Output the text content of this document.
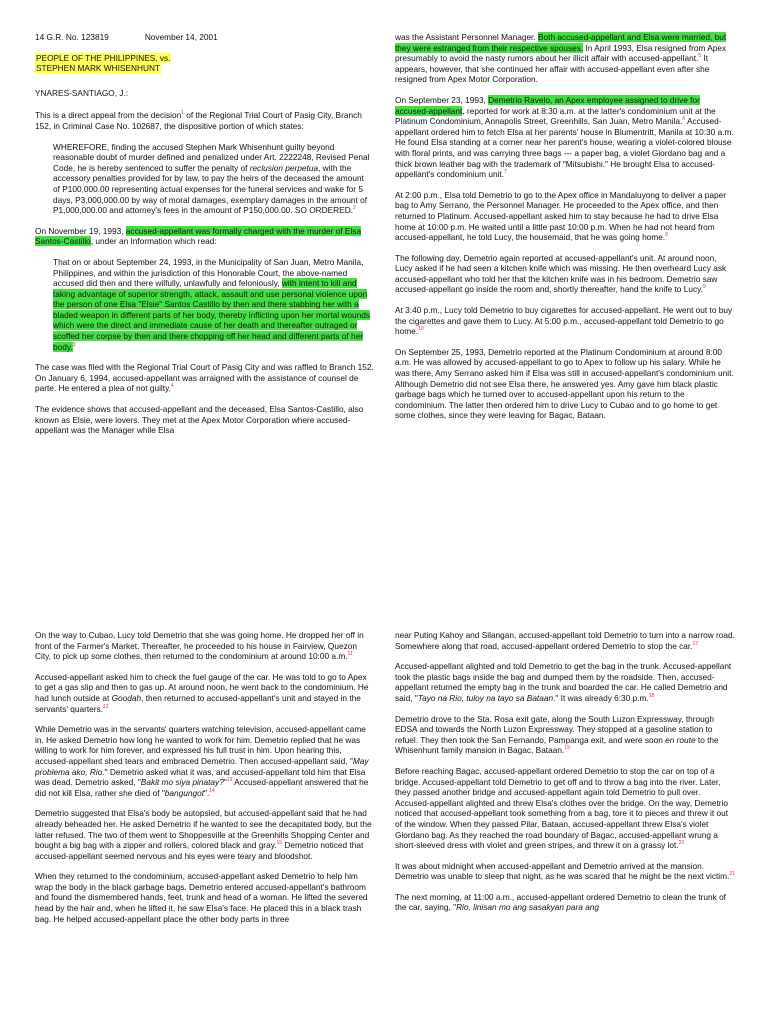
14 G.R. No. 123819	November 14, 2001

PEOPLE OF THE PHILIPPINES, vs.
STEPHEN MARK WHISENHUNT

YNARES-SANTIAGO, J.:

This is a direct appeal from the decision$^1$ of the Regional Trial Court of Pasig City, Branch 152, in Criminal Case No. 102687, the dispositive portion of which states:

WHEREFORE, finding the accused Stephen Mark Whisenhunt guilty beyond reasonable doubt of murder defined and penalized under Art. 2222248, Revised Penal Code, he is hereby sentenced to suffer the penalty of reclusion perpetua, with the accessory penalties provided for by law, to pay the heirs of the deceased the amount of P100,000.00 representing actual expenses for the funeral services and wake for 5 days, P3,000,000.00 by way of moral damages, exemplary damages in the amount of P1,000,000.00 and attorney's fees in the amount of P150,000.00. SO ORDERED.$^2$

On November 19, 1993, accused-appellant was formally charged with the murder of Elsa Santos-Castillo, under an Information which read:

That on or about September 24, 1993, in the Municipality of San Juan, Metro Manila, Philippines, and within the jurisdiction of this Honorable Court, the above-named accused did then and there wilfully, unlawfully and feloniously, with intent to kill and taking advantage of superior strength, attack, assault and use personal violence upon the person of one Elsa "Elsie" Santos Castillo by then and there stabbing her with a bladed weapon in different parts of her body, thereby inflicting upon her mortal wounds which were the direct and immediate cause of her death and thereafter outraged or scoffed her corpse by then and there chopping off her head and different parts of her body.$^3$

The case was filed with the Regional Trial Court of Pasig City and was raffled to Branch 152. On January 6, 1994, accused-appellant was arraigned with the assistance of counsel de parte. He entered a plea of not guilty.$^4$

The evidence shows that accused-appellant and the deceased, Elsa Santos-Castillo, also known as Elsie, were lovers. They met at the Apex Motor Corporation where accused-appellant was the Manager while Elsa

was the Assistant Personnel Manager. Both accused-appellant and Elsa were married, but they were estranged from their respective spouses. In April 1993, Elsa resigned from Apex presumably to avoid the nasty rumors about her illicit affair with accused-appellant.$^5$ It appears, however, that she continued her affair with accused-appellant even after she resigned from Apex Motor Corporation.

On September 23, 1993, Demetrio Ravelo, an Apex employee assigned to drive for accused-appellant, reported for work at 8:30 a.m. at the latter's condominium unit at the Platinum Condominium, Annapolis Street, Greenhills, San Juan, Metro Manila.$^6$ Accused-appellant ordered him to fetch Elsa at her parents' house in Blumentritt, Manila at 10:30 a.m. He found Elsa standing at a corner near her parent's house, wearing a violet-colored blouse with floral prints, and was carrying three bags --- a paper bag, a violet Giordano bag and a thick brown leather bag with the trademark of "Mitsubishi." He brought Elsa to accused-appellant's condominium unit.$^7$

At 2:00 p.m., Elsa told Demetrio to go to the Apex office in Mandaluyong to deliver a paper bag to Amy Serrano, the Personnel Manager. He proceeded to the Apex office, and then returned to Platinum. Accused-appellant asked him to stay because he had to drive Elsa home at 10:00 p.m. He waited until a little past 10:00 p.m. When he had not heard from accused-appellant, he told Lucy, the housemaid, that he was going home.$^8$

The following day, Demetrio again reported at accused-appellant's unit. At around noon, Lucy asked if he had seen a kitchen knife which was missing. He then overheard Lucy ask accused-appellant who told her that the kitchen knife was in his bedroom. Demetrio saw accused-appellant go inside the room and, shortly thereafter, hand the knife to Lucy.$^9$

At 3:40 p.m., Lucy told Demetrio to buy cigarettes for accused-appellant. He went out to buy the cigarettes and gave them to Lucy. At 5:00 p.m., accused-appellant told Demetrio to go home.$^{10}$

On September 25, 1993, Demetrio reported at the Platinum Condominium at around 8:00 a.m. He was allowed by accused-appellant to go to Apex to follow up his salary. While he was there, Amy Serrano asked him if Elsa was still in accused-appellant's condominium unit. Although Demetrio did not see Elsa there, he answered yes. Amy gave him black plastic garbage bags which he turned over to accused-appellant upon his return to the condominium. The latter then ordered him to drive Lucy to Cubao and to go home to get some clothes, since they were leaving for Bagac, Bataan.

On the way to Cubao, Lucy told Demetrio that she was going home. He dropped her off in front of the Farmer's Market. Thereafter, he proceeded to his house in Fairview, Quezon City, to pick up some clothes, then returned to the condominium at around 10:00 a.m.$^{11}$

Accused-appellant asked him to check the fuel gauge of the car. He was told to go to Apex to get a gas slip and then to gas up. At around noon, he went back to the condominium. He had lunch outside at Goodah, then returned to accused-appellant's unit and stayed in the servants' quarters.$^{12}$

While Demetrio was in the servants' quarters watching television, accused-appellant came in. He asked Demetrio how long he wanted to work for him. Demetrio replied that he was willing to work for him forever, and expressed his full trust in him. Upon hearing this, accused-appellant shed tears and embraced Demetrio. Then accused-appellant said, "May problema ako, Rio." Demetrio asked what it was, and accused-appellant told him that Elsa was dead. Demetrio asked, "Bakit mo siya pinatay?"$^{13}$ Accused-appellant answered that he did not kill Elsa, rather she died of "bangungot".$^{14}$

Demetrio suggested that Elsa's body be autopsied, but accused-appellant said that he had already beheaded her. He asked Demetrio if he wanted to see the decapitated body, but the latter refused. The two of them went to Shoppesville at the Greenhills Shopping Center and bought a big bag with a zipper and rollers, colored black and gray.$^{15}$ Demetrio noticed that accused-appellant seemed nervous and his eyes were teary and bloodshot.

When they returned to the condominium, accused-appellant asked Demetrio to help him wrap the body in the black garbage bags. Demetrio entered accused-appellant's bathroom and found the dismembered hands, feet, trunk and head of a woman. He lifted the severed head by the hair and, when he lifted it, he saw Elsa's face. He placed this in a black trash bag. He helped accused-appellant place the other body parts in three

near Puting Kahoy and Silangan, accused-appellant told Demetrio to turn into a narrow road. Somewhere along that road, accused-appellant ordered Demetrio to stop the car.$^{17}$

Accused-appellant alighted and told Demetrio to get the bag in the trunk. Accused-appellant took the plastic bags inside the bag and dumped them by the roadside. Then, accused-appellant returned the empty bag in the trunk and boarded the car. He called Demetrio and said, "Tayo na Rio, tuloy na tayo sa Bataan." It was already 6:30 p.m.$^{18}$

Demetrio drove to the Sta. Rosa exit gate, along the South Luzon Expressway, through EDSA and towards the North Luzon Expressway. They stopped at a gasoline station to refuel. They then took the San Fernando, Pampanga exit, and were soon en route to the Whisenhunt family mansion in Bagac, Bataan.$^{19}$

Before reaching Bagac, accused-appellant ordered Demetrio to stop the car on top of a bridge. Accused-appellant told Demetrio to get off and to throw a bag into the river. Later, they passed another bridge and accused-appellant again told Demetrio to pull over. Accused-appellant alighted and threw Elsa's clothes over the bridge. On the way, Demetrio noticed that accused-appellant took something from a bag, tore it to pieces and threw it out of the window. When they passed Pilar, Bataan, accused-appellant threw Elsa's violet Giordano bag. As they reached the road boundary of Bagac, accused-appellant wrung a short-sleeved dress with violet and green stripes, and threw it on a grassy lot.$^{20}$

It was about midnight when accused-appellant and Demetrio arrived at the mansion. Demetrio was unable to sleep that night, as he was scared that he might be the next victim.$^{21}$

The next morning, at 11:00 a.m., accused-appellant ordered Demetrio to clean the trunk of the car, saying, "Rio, linisan mo ang sasakyan para ang
